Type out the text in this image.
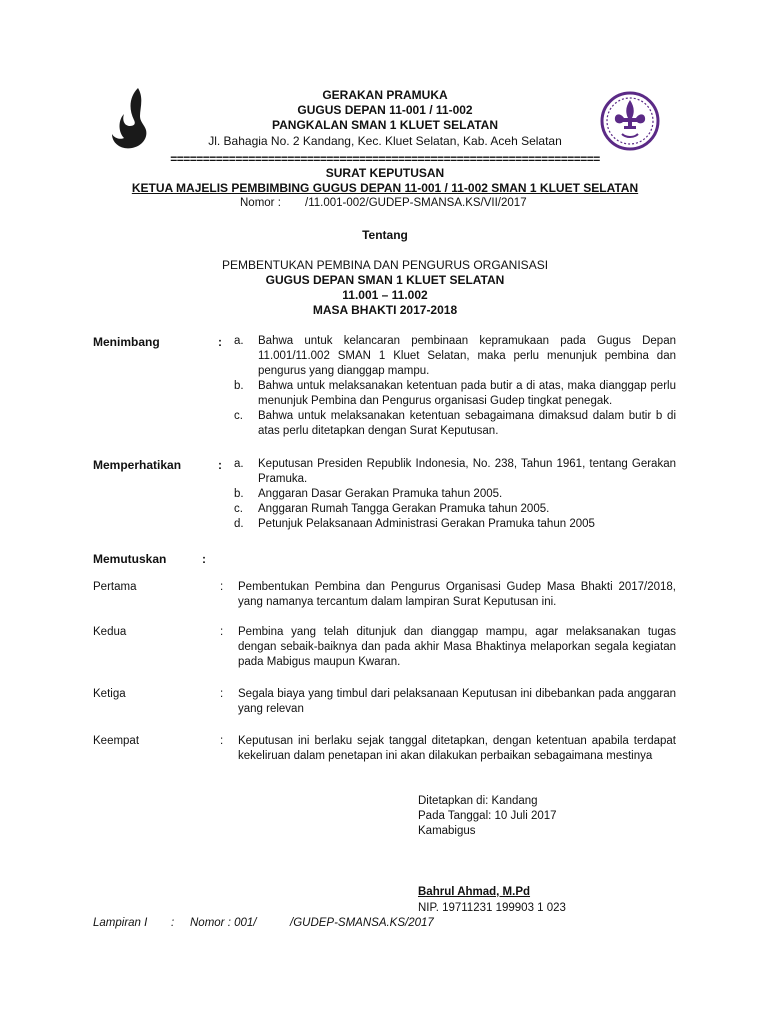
GERAKAN PRAMUKA
GUGUS DEPAN 11-001 / 11-002
PANGKALAN SMAN 1 KLUET SELATAN
Jl. Bahagia No. 2 Kandang, Kec. Kluet Selatan, Kab. Aceh Selatan
==================================================================
SURAT KEPUTUSAN
KETUA MAJELIS PEMBIMBING GUGUS DEPAN 11-001 / 11-002 SMAN 1 KLUET SELATAN
Nomor : /11.001-002/GUDEP-SMANSA.KS/VII/2017
Tentang
PEMBENTUKAN PEMBINA DAN PENGURUS ORGANISASI
GUGUS DEPAN SMAN 1 KLUET SELATAN
11.001 – 11.002
MASA BHAKTI 2017-2018
Menimbang	: a.	Bahwa untuk kelancaran pembinaan kepramukaan pada Gugus Depan 11.001/11.002 SMAN 1 Kluet Selatan, maka perlu menunjuk pembina dan pengurus yang dianggap mampu.
b.	Bahwa untuk melaksanakan ketentuan pada butir a di atas, maka dianggap perlu menunjuk Pembina dan Pengurus organisasi Gudep tingkat penegak.
c.	Bahwa untuk melaksanakan ketentuan sebagaimana dimaksud dalam butir b di atas perlu ditetapkan dengan Surat Keputusan.
Memperhatikan	: a.	Keputusan Presiden Republik Indonesia, No. 238, Tahun 1961, tentang Gerakan Pramuka.
b.	Anggaran Dasar Gerakan Pramuka tahun 2005.
c.	Anggaran Rumah Tangga Gerakan Pramuka tahun 2005.
d.	Petunjuk Pelaksanaan Administrasi Gerakan Pramuka tahun 2005
Memutuskan	:
Pertama	: Pembentukan Pembina dan Pengurus Organisasi Gudep Masa Bhakti 2017/2018, yang namanya tercantum dalam lampiran Surat Keputusan ini.
Kedua	: Pembina yang telah ditunjuk dan dianggap mampu, agar melaksanakan tugas dengan sebaik-baiknya dan pada akhir Masa Bhaktinya melaporkan segala kegiatan pada Mabigus maupun Kwaran.
Ketiga	: Segala biaya yang timbul dari pelaksanaan Keputusan ini dibebankan pada anggaran yang relevan
Keempat	: Keputusan ini berlaku sejak tanggal ditetapkan, dengan ketentuan apabila terdapat kekeliruan dalam penetapan ini akan dilakukan perbaikan sebagaimana mestinya
Ditetapkan di: Kandang
Pada Tanggal: 10 Juli 2017
Kamabigus
Bahrul Ahmad, M.Pd
NIP. 19711231 199903 1 023
Lampiran I : Nomor : 001/	/GUDEP-SMANSA.KS/2017
